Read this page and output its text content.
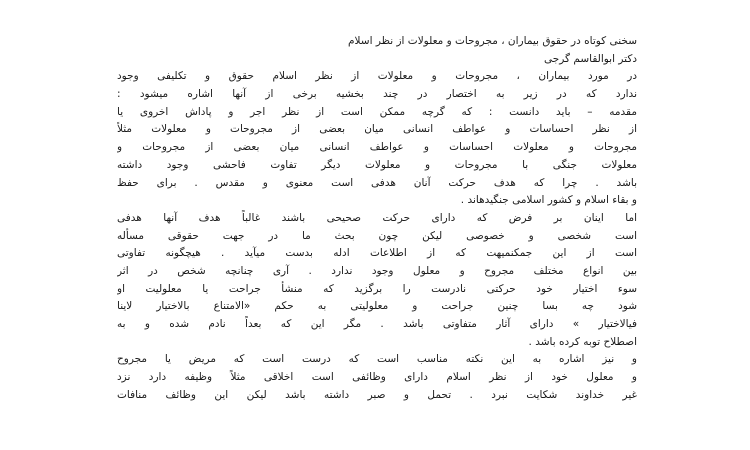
سخنی کوتاه در حقوق بیماران ، مجروحات و معلولات از نظر اسلام
دکتر ابوالقاسم گرجی
در مورد بیماران ، مجروحات و معلولات از نظر اسلام حقوق و تکلیفی وجود
ندارد که در زیر به اختصار در چند بخشیه برخی از آنها اشاره میشود :
مقدمه – باید دانست : که گرچه ممکن است از نظر اجر و پاداش اخروی یا
از نظر احساسات و عواطف انسانی میان بعضی از مجروحات و معلولات مثلاً
مجروحات و معلولات احساسات و عواطف انسانی میان بعضی از مجروحات و
معلولات جنگی با مجروحات و معلولات دیگر تفاوت فاحشی وجود داشته
باشد . چرا که هدف حرکت آنان هدفی است معنوی و مقدس . برای حفظ
و بقاء اسلام و کشور اسلامی جنگیدهاند .
اما اینان بر فرض که دارای حرکت صحیحی باشند غالباً هدف آنها هدفی
است شخصی و خصوصی لیکن چون بحث ما در جهت حقوقی مسأله
است از این جمکنمیهت که از اطلاعات ادله بدست میآید . هیچگونه تفاوتی
بین انواع مختلف مجروح و معلول وجود ندارد . آری چنانچه شخص در اثر
سوء اختیار خود حرکتی نادرست را برگزید که منشأ جراحت یا معلولیت او
شود چه بسا چنین جراحت و معلولیتی به حکم «الامتناع بالاختیار لاینا
فیالاختیار » دارای آثار متفاوتی باشد . مگر این که بعداً نادم شده و به
اصطلاح توبه کرده باشد .
و نیز اشاره به این نکته مناسب است که درست است که مریض یا مجروح
و معلول خود از نظر اسلام دارای وظائفی است اخلاقی مثلاً وظیفه دارد نزد
غیر خداوند شکایت نبرد . تحمل و صبر داشته باشد لیکن این وظائف منافات
